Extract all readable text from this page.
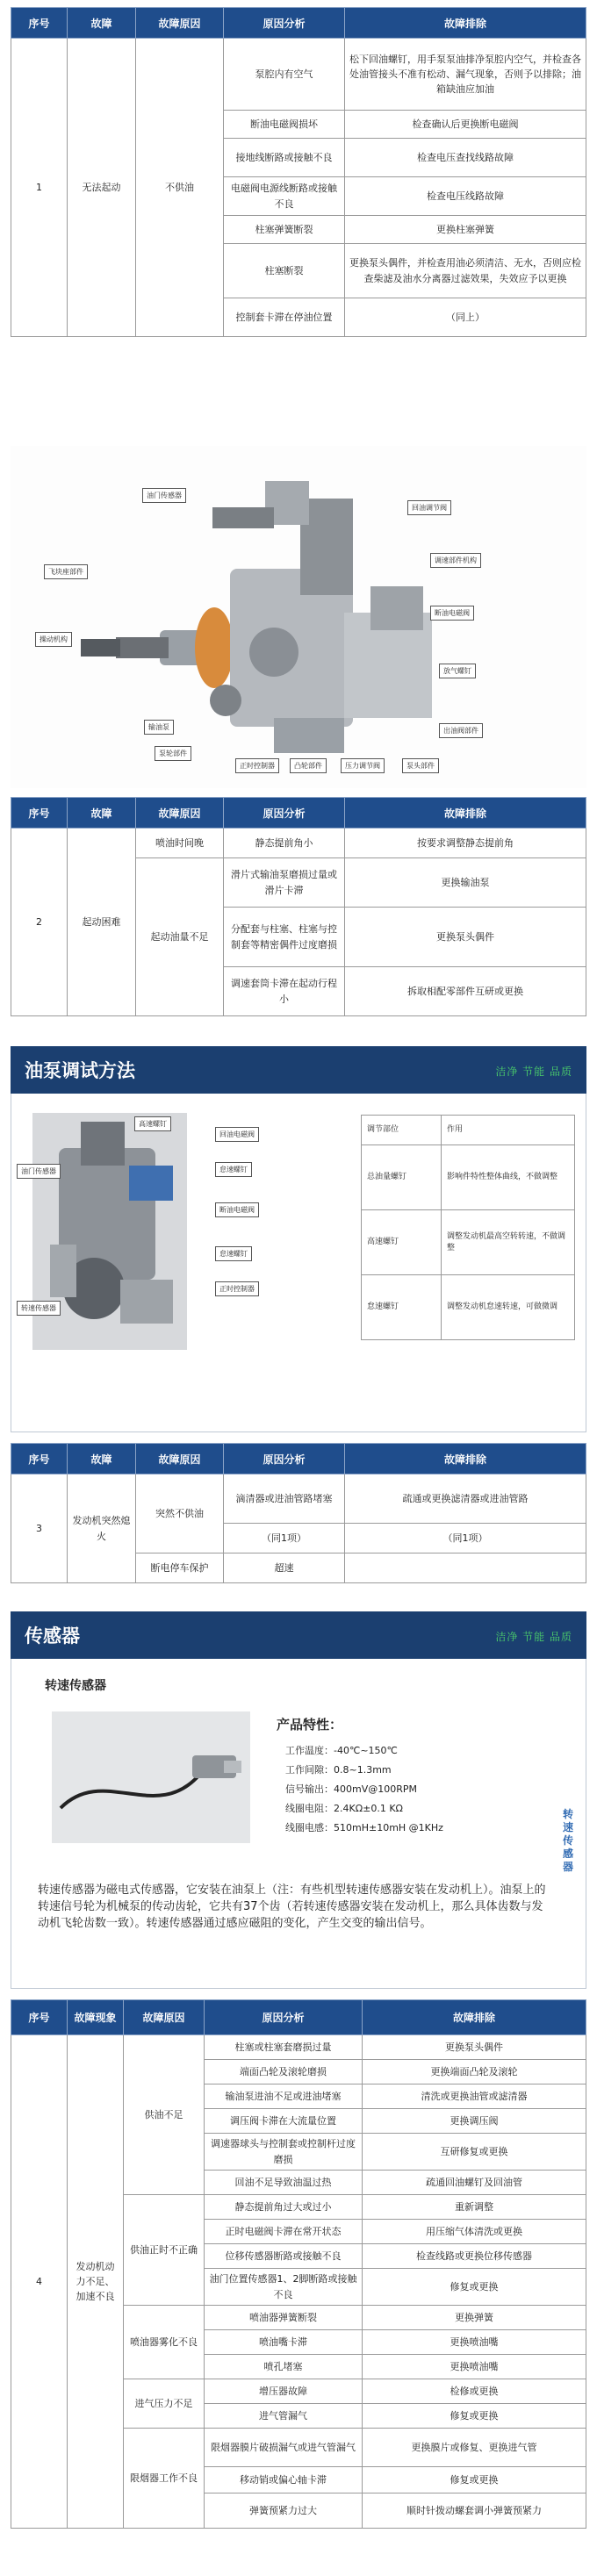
序号	故障	故障原因	原因分析	故障排除
1	无法起动	不供油	泵腔内有空气	松下回油螺钉，用手泵泵油排净泵腔内空气，并检查各处油管接头不准有松动、漏气现象，否则予以排除；油箱缺油应加油
			断油电磁阀损坏	检查确认后更换断电磁阀
			接地线断路或接触不良	检查电压查找线路故障
			电磁阀电源线断路或接触不良	检查电压线路故障
			柱塞弹簧断裂	更换柱塞弹簧
			柱塞断裂	更换泵头偶件，并检查用油必须清洁、无水，否则应检查柴滤及油水分离器过滤效果，失效应予以更换
			控制套卡滞在停油位置	（同上）
油门传感器
飞块座部件
操动机构
输油泵
泵轮部件
正时控制器	凸轮部件	压力调节阀	泵头部件
出油阀部件
放气螺钉
断油电磁阀
调速部件机构
回油调节阀
序号	故障	故障原因	原因分析	故障排除
2	起动困难	喷油时间晚	静态提前角小	按要求调整静态提前角
		起动油量不足	滑片式输油泵磨损过量或滑片卡滞	更换输油泵
			分配套与柱塞、柱塞与控制套等精密偶件过度磨损	更换泵头偶件
			调速套筒卡滞在起动行程小	拆取相配零部件互研或更换
油泵调试方法	洁净 节能 品质
高速螺钉
回油电磁阀
怠速螺钉
断油电磁阀
油门传感器
转速传感器
怠速螺钉
正时控制器
调节部位	作用
总油量螺钉	影响件特性整体曲线，不做调整
高速螺钉	调整发动机最高空转转速，不做调整
怠速螺钉	调整发动机怠速转速，可做微调
序号	故障	故障原因	原因分析	故障排除
3	发动机突然熄火	突然不供油	滴清器或进油管路堵塞	疏通或更换滤清器或进油管路
			（同1项）	（同1项）
		断电停车保护	超速	
传感器	洁净 节能 品质
转速传感器
产品特性：
工作温度：-40℃~150℃
工作间隙：0.8~1.3mm
信号输出：400mV@100RPM
线圈电阻：2.4KΩ±0.1 KΩ
线圈电感：510mH±10mH @1KHz
转速传感器
转速传感器为磁电式传感器，它安装在油泵上（注：有些机型转速传感器安装在发动机上）。油泵上的转速信号轮为机械泵的传动齿轮，它共有37个齿（若转速传感器安装在发动机上，那么具体齿数与发动机飞轮齿数一致）。转速传感器通过感应磁阻的变化，产生交变的输出信号。
序号	故障现象	故障原因	原因分析	故障排除
4	发动机动力不足、加速不良	供油不足	柱塞或柱塞套磨损过量	更换泵头偶件
			端面凸轮及滚轮磨损	更换端面凸轮及滚轮
			输油泵进油不足或进油堵塞	清洗或更换油管或滤清器
			调压阀卡滞在大流量位置	更换调压阀
			调速器球头与控制套或控制杆过度磨损	互研修复或更换
			回油不足导致油温过热	疏通回油螺钉及回油管
		供油正时不正确	静态提前角过大或过小	重新调整
			正时电磁阀卡滞在常开状态	用压缩气体清洗或更换
			位移传感器断路或接触不良	检查线路或更换位移传感器
			油门位置传感器1、2脚断路或接触不良	修复或更换
		喷油器雾化不良	喷油器弹簧断裂	更换弹簧
			喷油嘴卡滞	更换喷油嘴
			喷孔堵塞	更换喷油嘴
		进气压力不足	增压器故障	检修或更换
			进气管漏气	修复或更换
		限烟器工作不良	限烟器膜片破损漏气或进气管漏气	更换膜片或修复、更换进气管
			移动销或偏心轴卡滞	修复或更换
			弹簧预紧力过大	顺时针拨动螺套调小弹簧预紧力
